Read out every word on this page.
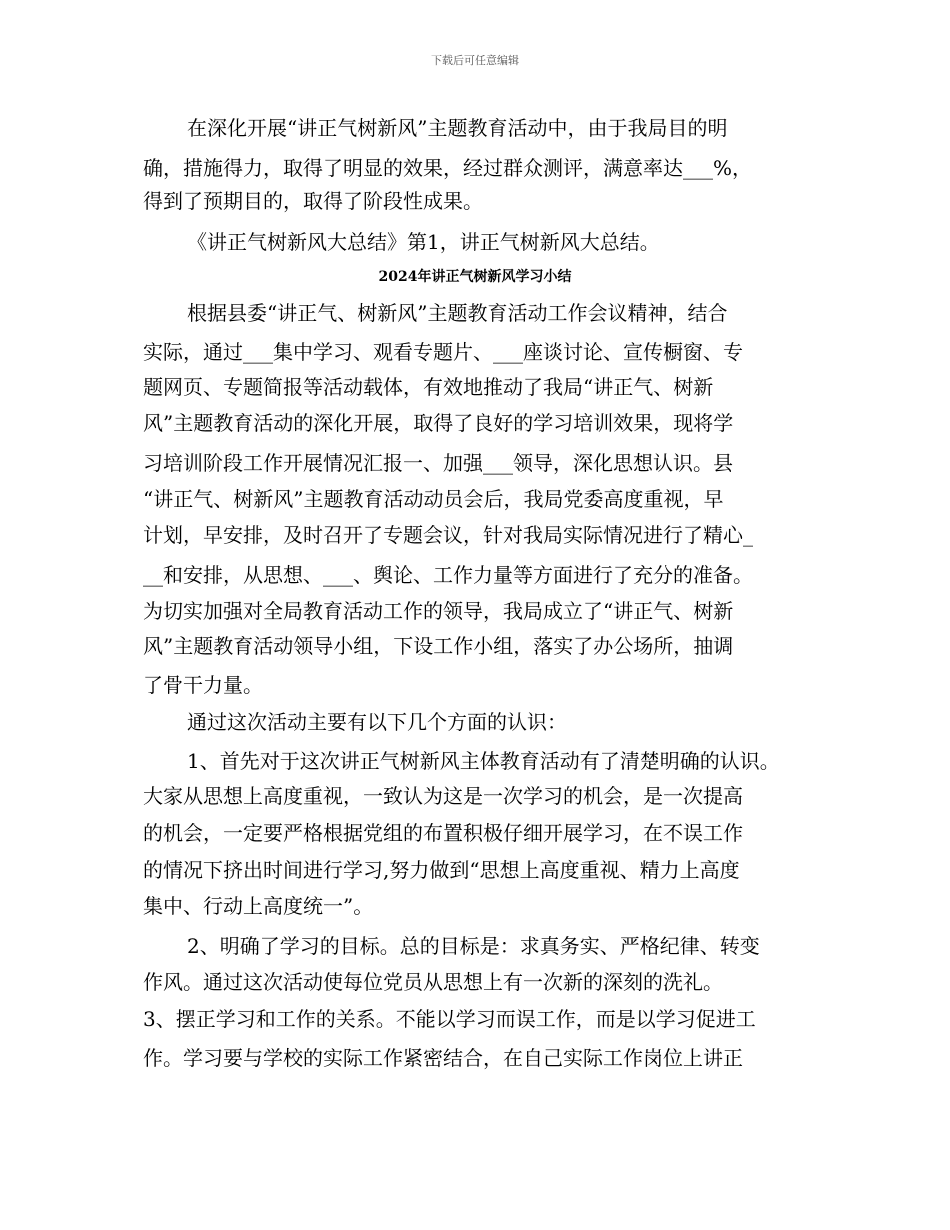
下载后可任意编辑
在深化开展“讲正气树新风”主题教育活动中，由于我局目的明
确，措施得力，取得了明显的效果，经过群众测评，满意率达___%，
得到了预期目的，取得了阶段性成果。
《讲正气树新风大总结》第1，讲正气树新风大总结。
2024年讲正气树新风学习小结
根据县委“讲正气、树新风”主题教育活动工作会议精神，结合
实际，通过___集中学习、观看专题片、___座谈讨论、宣传橱窗、专
题网页、专题简报等活动载体，有效地推动了我局“讲正气、树新
风”主题教育活动的深化开展，取得了良好的学习培训效果，现将学
习培训阶段工作开展情况汇报一、加强___领导，深化思想认识。县
“讲正气、树新风”主题教育活动动员会后，我局党委高度重视，早
计划，早安排，及时召开了专题会议，针对我局实际情况进行了精心_
__和安排，从思想、___、舆论、工作力量等方面进行了充分的准备。
为切实加强对全局教育活动工作的领导，我局成立了“讲正气、树新
风”主题教育活动领导小组，下设工作小组，落实了办公场所，抽调
了骨干力量。
通过这次活动主要有以下几个方面的认识：
1、首先对于这次讲正气树新风主体教育活动有了清楚明确的认识。
大家从思想上高度重视，一致认为这是一次学习的机会，是一次提高
的机会，一定要严格根据党组的布置积极仔细开展学习，在不误工作
的情况下挤出时间进行学习,努力做到“思想上高度重视、精力上高度
集中、行动上高度统一”。
2、明确了学习的目标。总的目标是：求真务实、严格纪律、转变
作风。通过这次活动使每位党员从思想上有一次新的深刻的洗礼。
3、摆正学习和工作的关系。不能以学习而误工作，而是以学习促进工
作。学习要与学校的实际工作紧密结合，在自己实际工作岗位上讲正
